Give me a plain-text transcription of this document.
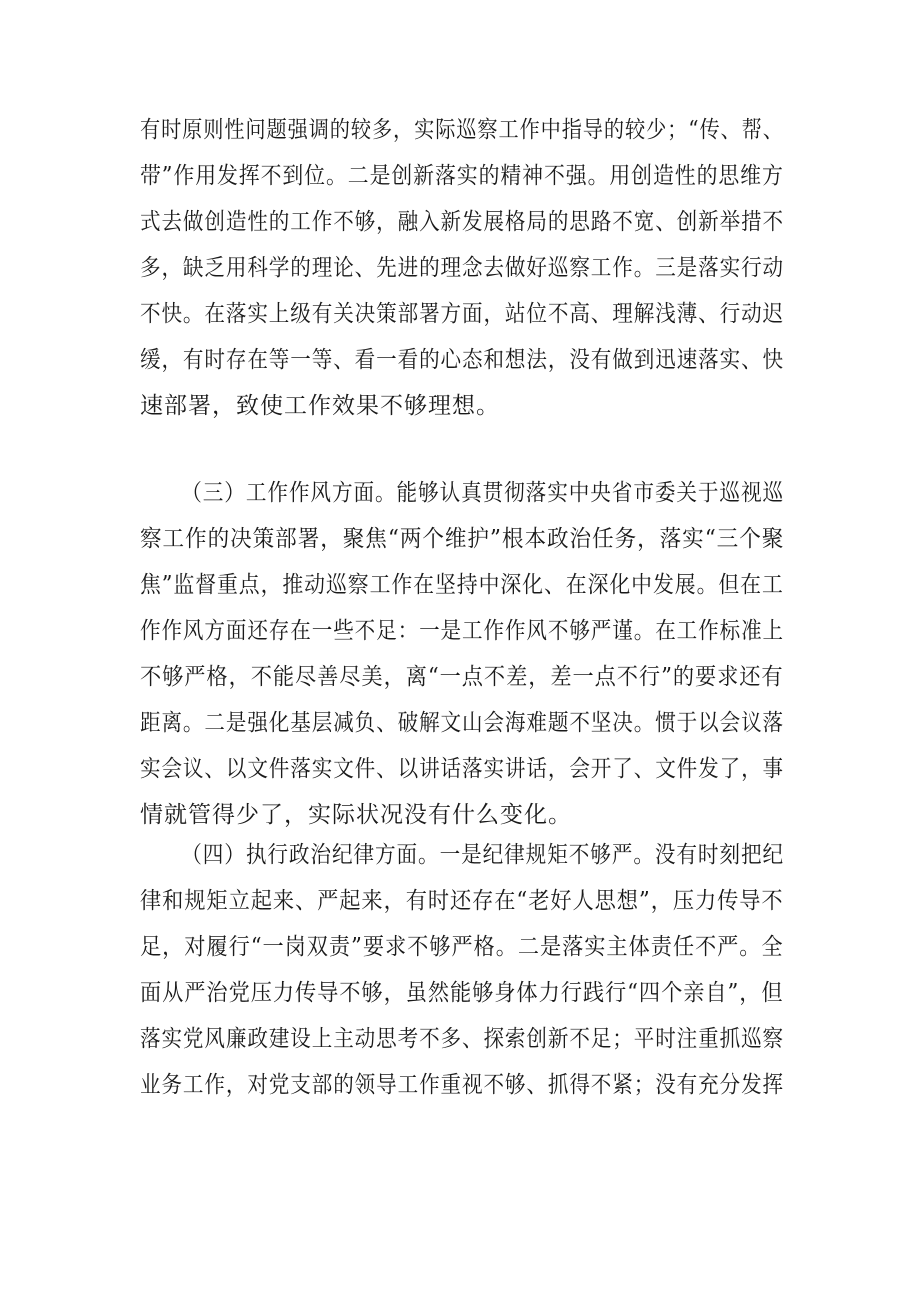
有时原则性问题强调的较多，实际巡察工作中指导的较少；“传、帮、
带”作用发挥不到位。二是创新落实的精神不强。用创造性的思维方
式去做创造性的工作不够，融入新发展格局的思路不宽、创新举措不
多，缺乏用科学的理论、先进的理念去做好巡察工作。三是落实行动
不快。在落实上级有关决策部署方面，站位不高、理解浅薄、行动迟
缓，有时存在等一等、看一看的心态和想法，没有做到迅速落实、快
速部署，致使工作效果不够理想。
（三）工作作风方面。能够认真贯彻落实中央省市委关于巡视巡
察工作的决策部署，聚焦“两个维护”根本政治任务，落实“三个聚
焦”监督重点，推动巡察工作在坚持中深化、在深化中发展。但在工
作作风方面还存在一些不足：一是工作作风不够严谨。在工作标准上
不够严格，不能尽善尽美，离“一点不差，差一点不行”的要求还有
距离。二是强化基层减负、破解文山会海难题不坚决。惯于以会议落
实会议、以文件落实文件、以讲话落实讲话，会开了、文件发了，事
情就管得少了，实际状况没有什么变化。
（四）执行政治纪律方面。一是纪律规矩不够严。没有时刻把纪
律和规矩立起来、严起来，有时还存在“老好人思想”，压力传导不
足，对履行“一岗双责”要求不够严格。二是落实主体责任不严。全
面从严治党压力传导不够，虽然能够身体力行践行“四个亲自”，但
落实党风廉政建设上主动思考不多、探索创新不足；平时注重抓巡察
业务工作，对党支部的领导工作重视不够、抓得不紧；没有充分发挥
